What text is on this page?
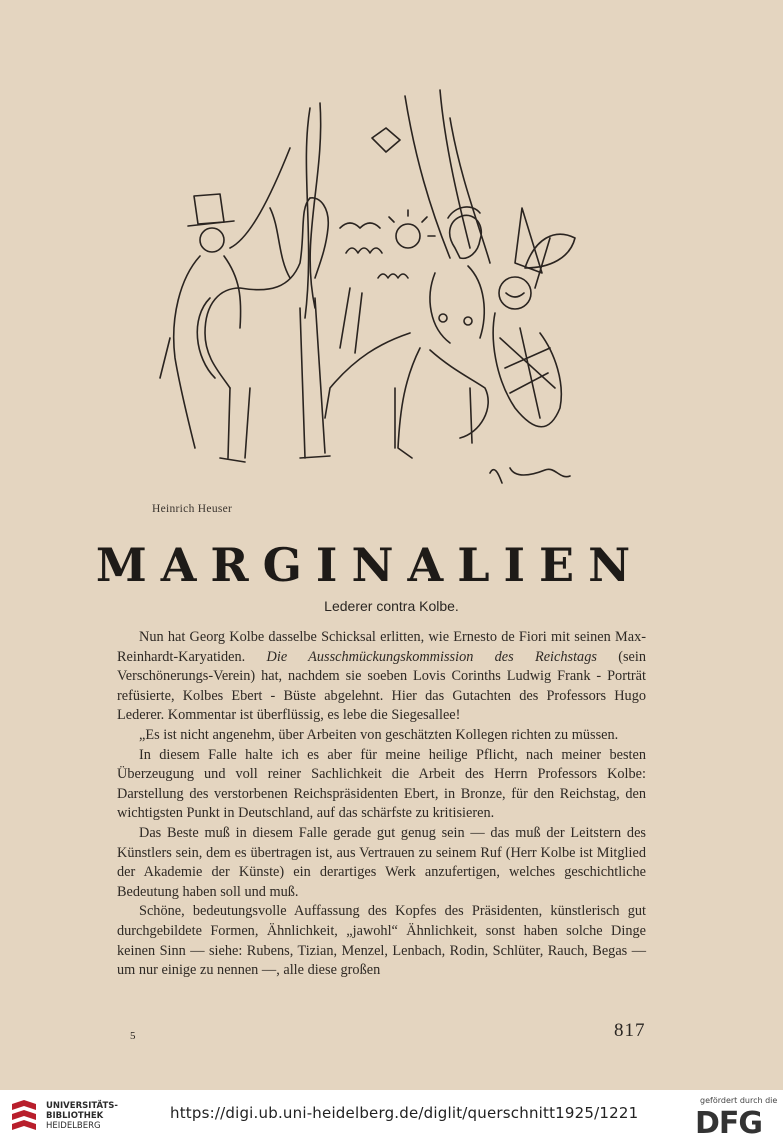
Heinrich Heuser
MARGINALIEN
Lederer contra Kolbe.

Nun hat Georg Kolbe dasselbe Schicksal erlitten, wie Ernesto de Fiori mit seinen Max-Reinhardt-Karyatiden. Die Ausschmückungskommission des Reichstags (sein Verschönerungs-Verein) hat, nachdem sie soeben Lovis Corinths Ludwig Frank - Porträt refüsierte, Kolbes Ebert - Büste abgelehnt. Hier das Gutachten des Professors Hugo Lederer. Kommentar ist überflüssig, es lebe die Siegesallee!

„Es ist nicht angenehm, über Arbeiten von geschätzten Kollegen richten zu müssen.

In diesem Falle halte ich es aber für meine heilige Pflicht, nach meiner besten Überzeugung und voll reiner Sachlichkeit die Arbeit des Herrn Professors Kolbe: Darstellung des verstorbenen Reichspräsidenten Ebert, in Bronze, für den Reichstag, den wichtigsten Punkt in Deutschland, auf das schärfste zu kritisieren.

Das Beste muß in diesem Falle gerade gut genug sein — das muß der Leitstern des Künstlers sein, dem es übertragen ist, aus Vertrauen zu seinem Ruf (Herr Kolbe ist Mitglied der Akademie der Künste) ein derartiges Werk anzufertigen, welches geschichtliche Bedeutung haben soll und muß.

Schöne, bedeutungsvolle Auffassung des Kopfes des Präsidenten, künstlerisch gut durchgebildete Formen, Ähnlichkeit, „jawohl“ Ähnlichkeit, sonst haben solche Dinge keinen Sinn — siehe: Rubens, Tizian, Menzel, Lenbach, Rodin, Schlüter, Rauch, Begas — um nur einige zu nennen —, alle diese großen

5	817
UNIVERSITÄTS-
BIBLIOTHEK
HEIDELBERG
https://digi.ub.uni-heidelberg.de/diglit/querschnitt1925/1221
gefördert durch die
DFG
